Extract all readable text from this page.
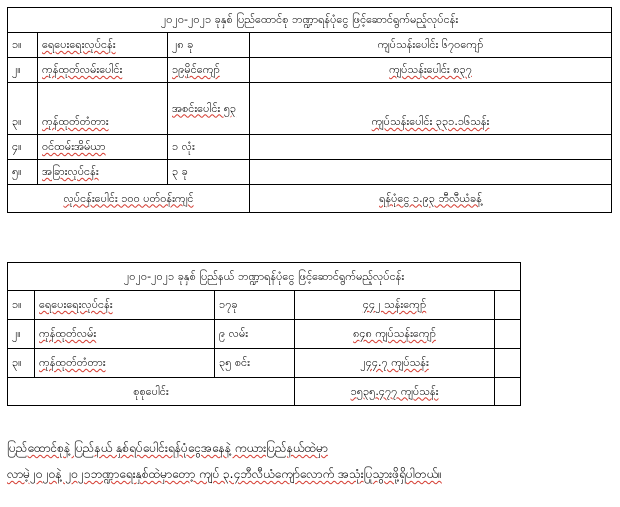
၂၀၂၀-၂၀၂၁ ခုနှစ် ပြည်ထောင်စု ဘဏ္ဍာရန်ပုံငွေ ဖြင့်ဆောင်ရွက်မည့်လုပ်ငန်း			
၁။	ရေပေးရေးလုပ်ငန်း	၂၈ ခု	ကျပ်သန်းပေါင်း ၆၇၀ကျော်
၂။	ကုန်ထုတ်လမ်းပေါင်း	၁၉မိုင်ကျော်	ကျပ်သန်းပေါင်း ၈၃၇
၃။	ကုန်ထုတ်တံတား	အစင်းပေါင်း ၅၃	ကျပ်သန်းပေါင်း ၃၃၁.၁၆သန်း
၄။	ဝင်ထမ်းအိမ်ယာ	၁ လုံး	
၅။	အခြားလုပ်ငန်း	၃ ခု	
လုပ်ငန်းပေါင်း ၁၀၀ ပတ်ဝန်းကျင်			ရန်ပုံငွေ ၁.၉၃ ဘီလီယံခန့်
၂၀၂၀-၂၀၂၁ ခုနှစ် ပြည်နယ် ဘဏ္ဍာရန်ပုံငွေ ဖြင့်ဆောင်ရွက်မည့်လုပ်ငန်း				
၁။	ရေပေးရေးလုပ်ငန်း	၁၇ခု	၄၄၂ သန်းကျော်	
၂။	ကုန်ထုတ်လမ်း	၉ လမ်း	၈၄၈ ကျပ်သန်းကျော်	
၃။	ကုန်ထုတ်တံတား	၃၅ စင်း	၂၄၄.၇ ကျပ်သန်း	
စုစုပေါင်း			၁၅၃၅.၄၇၇ ကျပ်သန်း	
ပြည်ထောင်စုနဲ့ ပြည်နယ် နှစ်ရပ်ပေါင်းရန်ပုံငွေအနေနဲ့ ကယားပြည်နယ်ထဲမှာ
လာမဲ့၂၀၂၀နဲ့ ၂၀၂၁ဘဏ္ဍာရေးနှစ်ထဲမှာတော့ ကျပ် ၃.၄ဘီလီယံကျော်လောက် အသုံးပြုသွားဖို့ရှိပါတယ်။
